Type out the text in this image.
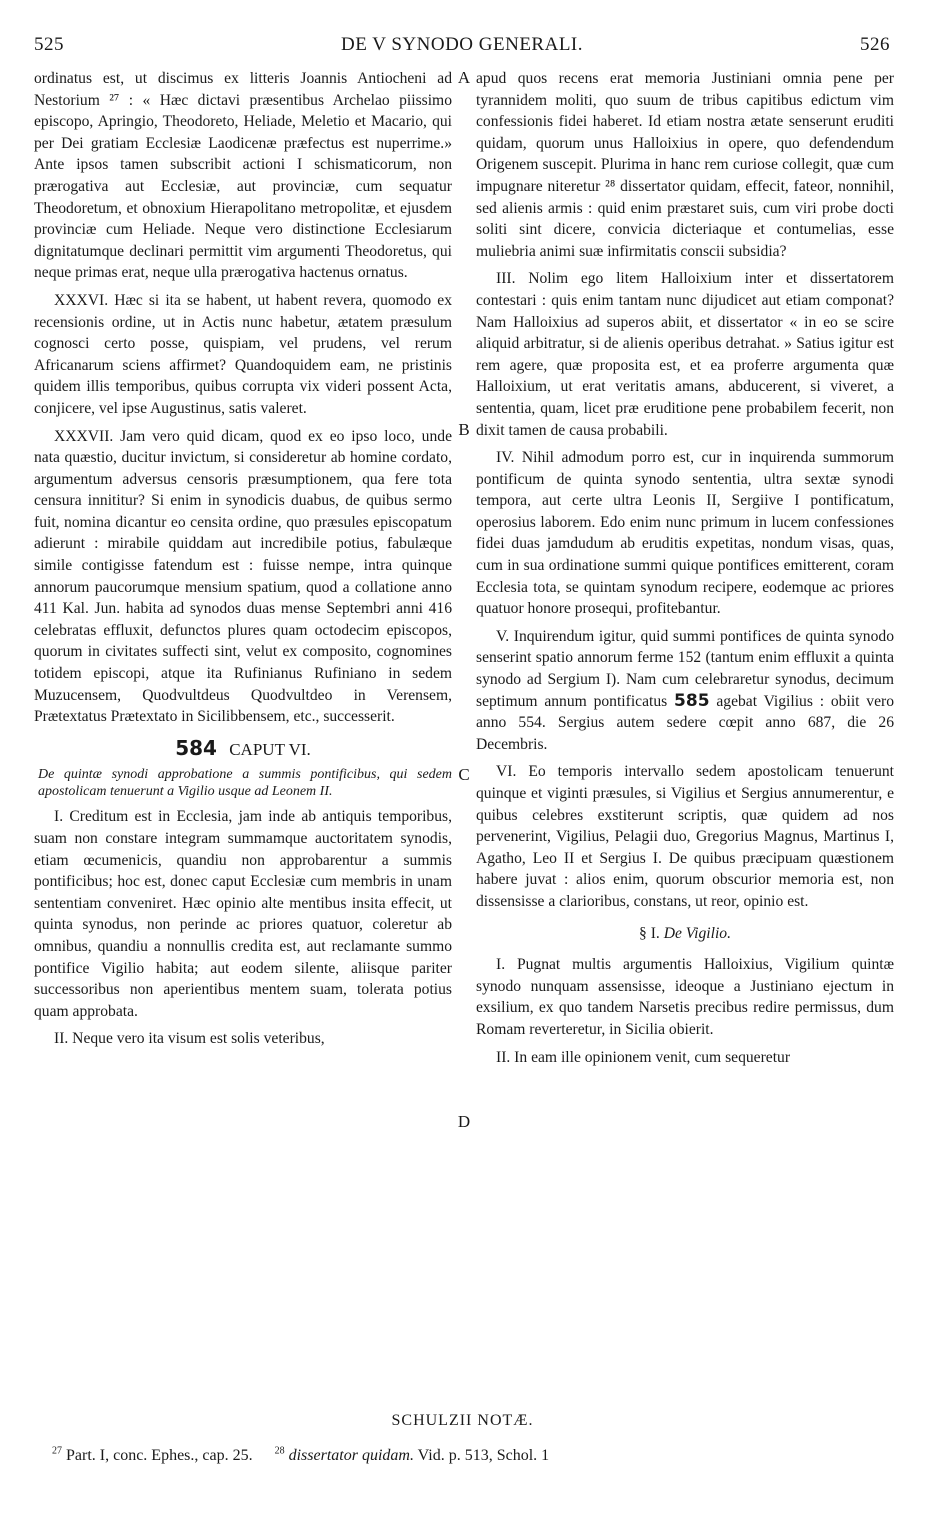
525	DE V SYNODO GENERALI.	526
A
B
C
D

ordinatus est, ut discimus ex litteris Joannis Antiocheni ad Nestorium ²⁷ : « Hæc dictavi præsentibus Archelao piissimo episcopo, Apringio, Theodoreto, Heliade, Meletio et Macario, qui per Dei gratiam Ecclesiæ Laodicenæ præfectus est nuperrime.» Ante ipsos tamen subscribit actioni I schismaticorum, non prærogativa aut Ecclesiæ, aut provinciæ, cum sequatur Theodoretum, et obnoxium Hierapolitano metropolitæ, et ejusdem provinciæ cum Heliade. Neque vero distinctione Ecclesiarum dignitatumque declinari permittit vim argumenti Theodoretus, qui neque primas erat, neque ulla prærogativa hactenus ornatus.

XXXVI. Hæc si ita se habent, ut habent revera, quomodo ex recensionis ordine, ut in Actis nunc habetur, ætatem præsulum cognosci certo posse, quispiam, vel prudens, vel rerum Africanarum sciens affirmet? Quandoquidem eam, ne pristinis quidem illis temporibus, quibus corrupta vix videri possent Acta, conjicere, vel ipse Augustinus, satis valeret.

XXXVII. Jam vero quid dicam, quod ex eo ipso loco, unde nata quæstio, ducitur invictum, si consideretur ab homine cordato, argumentum adversus censoris præsumptionem, qua fere tota censura innititur? Si enim in synodicis duabus, de quibus sermo fuit, nomina dicantur eo censita ordine, quo præsules episcopatum adierunt : mirabile quiddam aut incredibile potius, fabulæque simile contigisse fatendum est : fuisse nempe, intra quinque annorum paucorumque mensium spatium, quod a collatione anno 411 Kal. Jun. habita ad synodos duas mense Septembri anni 416 celebratas effluxit, defunctos plures quam octodecim episcopos, quorum in civitates suffecti sint, velut ex composito, cognomines totidem episcopi, atque ita Rufinianus Rufiniano in sedem Muzucensem, Quodvultdeus Quodvultdeo in Verensem, Prætextatus Prætextato in Sicilibbensem, etc., successerit.

584 CAPUT VI.
De quintæ synodi approbatione a summis pontificibus, qui sedem apostolicam tenuerunt a Vigilio usque ad Leonem II.

I. Creditum est in Ecclesia, jam inde ab antiquis temporibus, suam non constare integram summamque auctoritatem synodis, etiam œcumenicis, quandiu non approbarentur a summis pontificibus; hoc est, donec caput Ecclesiæ cum membris in unam sententiam conveniret. Hæc opinio alte mentibus insita effecit, ut quinta synodus, non perinde ac priores quatuor, coleretur ab omnibus, quandiu a nonnullis credita est, aut reclamante summo pontifice Vigilio habita; aut eodem silente, aliisque pariter successoribus non aperientibus mentem suam, tolerata potius quam approbata.

II. Neque vero ita visum est solis veteribus,

apud quos recens erat memoria Justiniani omnia pene per tyrannidem moliti, quo suum de tribus capitibus edictum vim confessionis fidei haberet. Id etiam nostra ætate senserunt eruditi quidam, quorum unus Halloixius in opere, quo defendendum Origenem suscepit. Plurima in hanc rem curiose collegit, quæ cum impugnare niteretur ²⁸ dissertator quidam, effecit, fateor, nonnihil, sed alienis armis : quid enim præstaret suis, cum viri probe docti soliti sint dicere, convicia dicteriaque et contumelias, esse muliebria animi suæ infirmitatis conscii subsidia?

III. Nolim ego litem Halloixium inter et dissertatorem contestari : quis enim tantam nunc dijudicet aut etiam componat? Nam Halloixius ad superos abiit, et dissertator « in eo se scire aliquid arbitratur, si de alienis operibus detrahat. » Satius igitur est rem agere, quæ proposita est, et ea proferre argumenta quæ Halloixium, ut erat veritatis amans, abducerent, si viveret, a sententia, quam, licet præ eruditione pene probabilem fecerit, non dixit tamen de causa probabili.

IV. Nihil admodum porro est, cur in inquirenda summorum pontificum de quinta synodo sententia, ultra sextæ synodi tempora, aut certe ultra Leonis II, Sergiive I pontificatum, operosius laborem. Edo enim nunc primum in lucem confessiones fidei duas jamdudum ab eruditis expetitas, nondum visas, quas, cum in sua ordinatione summi quique pontifices emitterent, coram Ecclesia tota, se quintam synodum recipere, eodemque ac priores quatuor honore prosequi, profitebantur.

V. Inquirendum igitur, quid summi pontifices de quinta synodo senserint spatio annorum ferme 152 (tantum enim effluxit a quinta synodo ad Sergium I). Nam cum celebraretur synodus, decimum septimum annum pontificatus 585 agebat Vigilius : obiit vero anno 554. Sergius autem sedere cœpit anno 687, die 26 Decembris.

VI. Eo temporis intervallo sedem apostolicam tenuerunt quinque et viginti præsules, si Vigilius et Sergius annumerentur, e quibus celebres exstiterunt scriptis, quæ quidem ad nos pervenerint, Vigilius, Pelagii duo, Gregorius Magnus, Martinus I, Agatho, Leo II et Sergius I. De quibus præcipuam quæstionem habere juvat : alios enim, quorum obscurior memoria est, non dissensisse a clarioribus, constans, ut reor, opinio est.

§ I. De Vigilio.

I. Pugnat multis argumentis Halloixius, Vigilium quintæ synodo nunquam assensisse, ideoque a Justiniano ejectum in exsilium, ex quo tandem Narsetis precibus redire permissus, dum Romam reverteretur, in Sicilia obierit.

II. In eam ille opinionem venit, cum sequeretur

SCHULZII NOTÆ.
$^{27}$ Part. I, conc. Ephes., cap. 25. $^{28}$ dissertator quidam. Vid. p. 513, Schol. 1
